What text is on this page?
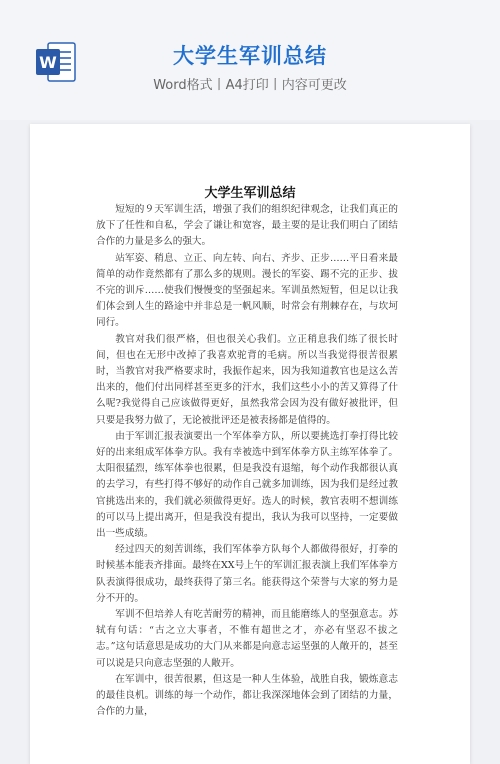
W	大学生军训总结
Word格式丨A4打印丨内容可更改
大学生军训总结

短短的９天军训生活，增强了我们的组织纪律观念，让我们真正的放下了任性和自私，学会了谦让和宽容，最主要的是让我们明白了团结合作的力量是多么的强大。

站军姿、稍息、立正、向左转、向右、齐步、正步……平日看来最简单的动作竟然都有了那么多的规则。漫长的军姿、踢不完的正步、拔不完的训斥……使我们慢慢变的坚强起来。军训虽然短暂，但足以让我们体会到人生的路途中并非总是一帆风顺，时常会有荆棘存在，与坎坷同行。

教官对我们很严格，但也很关心我们。立正稍息我们练了很长时间，但也在无形中改掉了我喜欢驼背的毛病。所以当我觉得很苦很累时，当教官对我严格要求时，我振作起来，因为我知道教官也是这么苦出来的，他们付出同样甚至更多的汗水，我们这些小小的苦又算得了什么呢?我觉得自己应该做得更好，虽然我常会因为没有做好被批评，但只要是我努力做了，无论被批评还是被表扬都是值得的。

由于军训汇报表演要出一个军体拳方队，所以要挑选打拳打得比较好的出来组成军体拳方队。我有幸被选中到军体拳方队主练军体拳了。太阳很猛烈，练军体拳也很累，但是我没有退缩，每个动作我都很认真的去学习，有些打得不够好的动作自己就多加训练，因为我们是经过教官挑选出来的，我们就必须做得更好。选人的时候，教官表明不想训练的可以马上提出离开，但是我没有提出，我认为我可以坚持，一定要做出一些成绩。

经过四天的刻苦训练，我们军体拳方队每个人都做得很好，打拳的时候基本能表齐排面。最终在XX号上午的军训汇报表演上我们军体拳方队表演得很成功，最终获得了第三名。能获得这个荣誉与大家的努力是分不开的。

军训不但培养人有吃苦耐劳的精神，而且能磨练人的坚强意志。苏轼有句话：“古之立大事者，不惟有超世之才，亦必有坚忍不拔之志。”这句话意思是成功的大门从来都是向意志运坚强的人敞开的，甚至可以说是只向意志坚强的人敞开。

在军训中，很苦很累，但这是一种人生体验，战胜自我，锻炼意志的最佳良机。训练的每一个动作，都让我深深地体会到了团结的力量，合作的力量，
